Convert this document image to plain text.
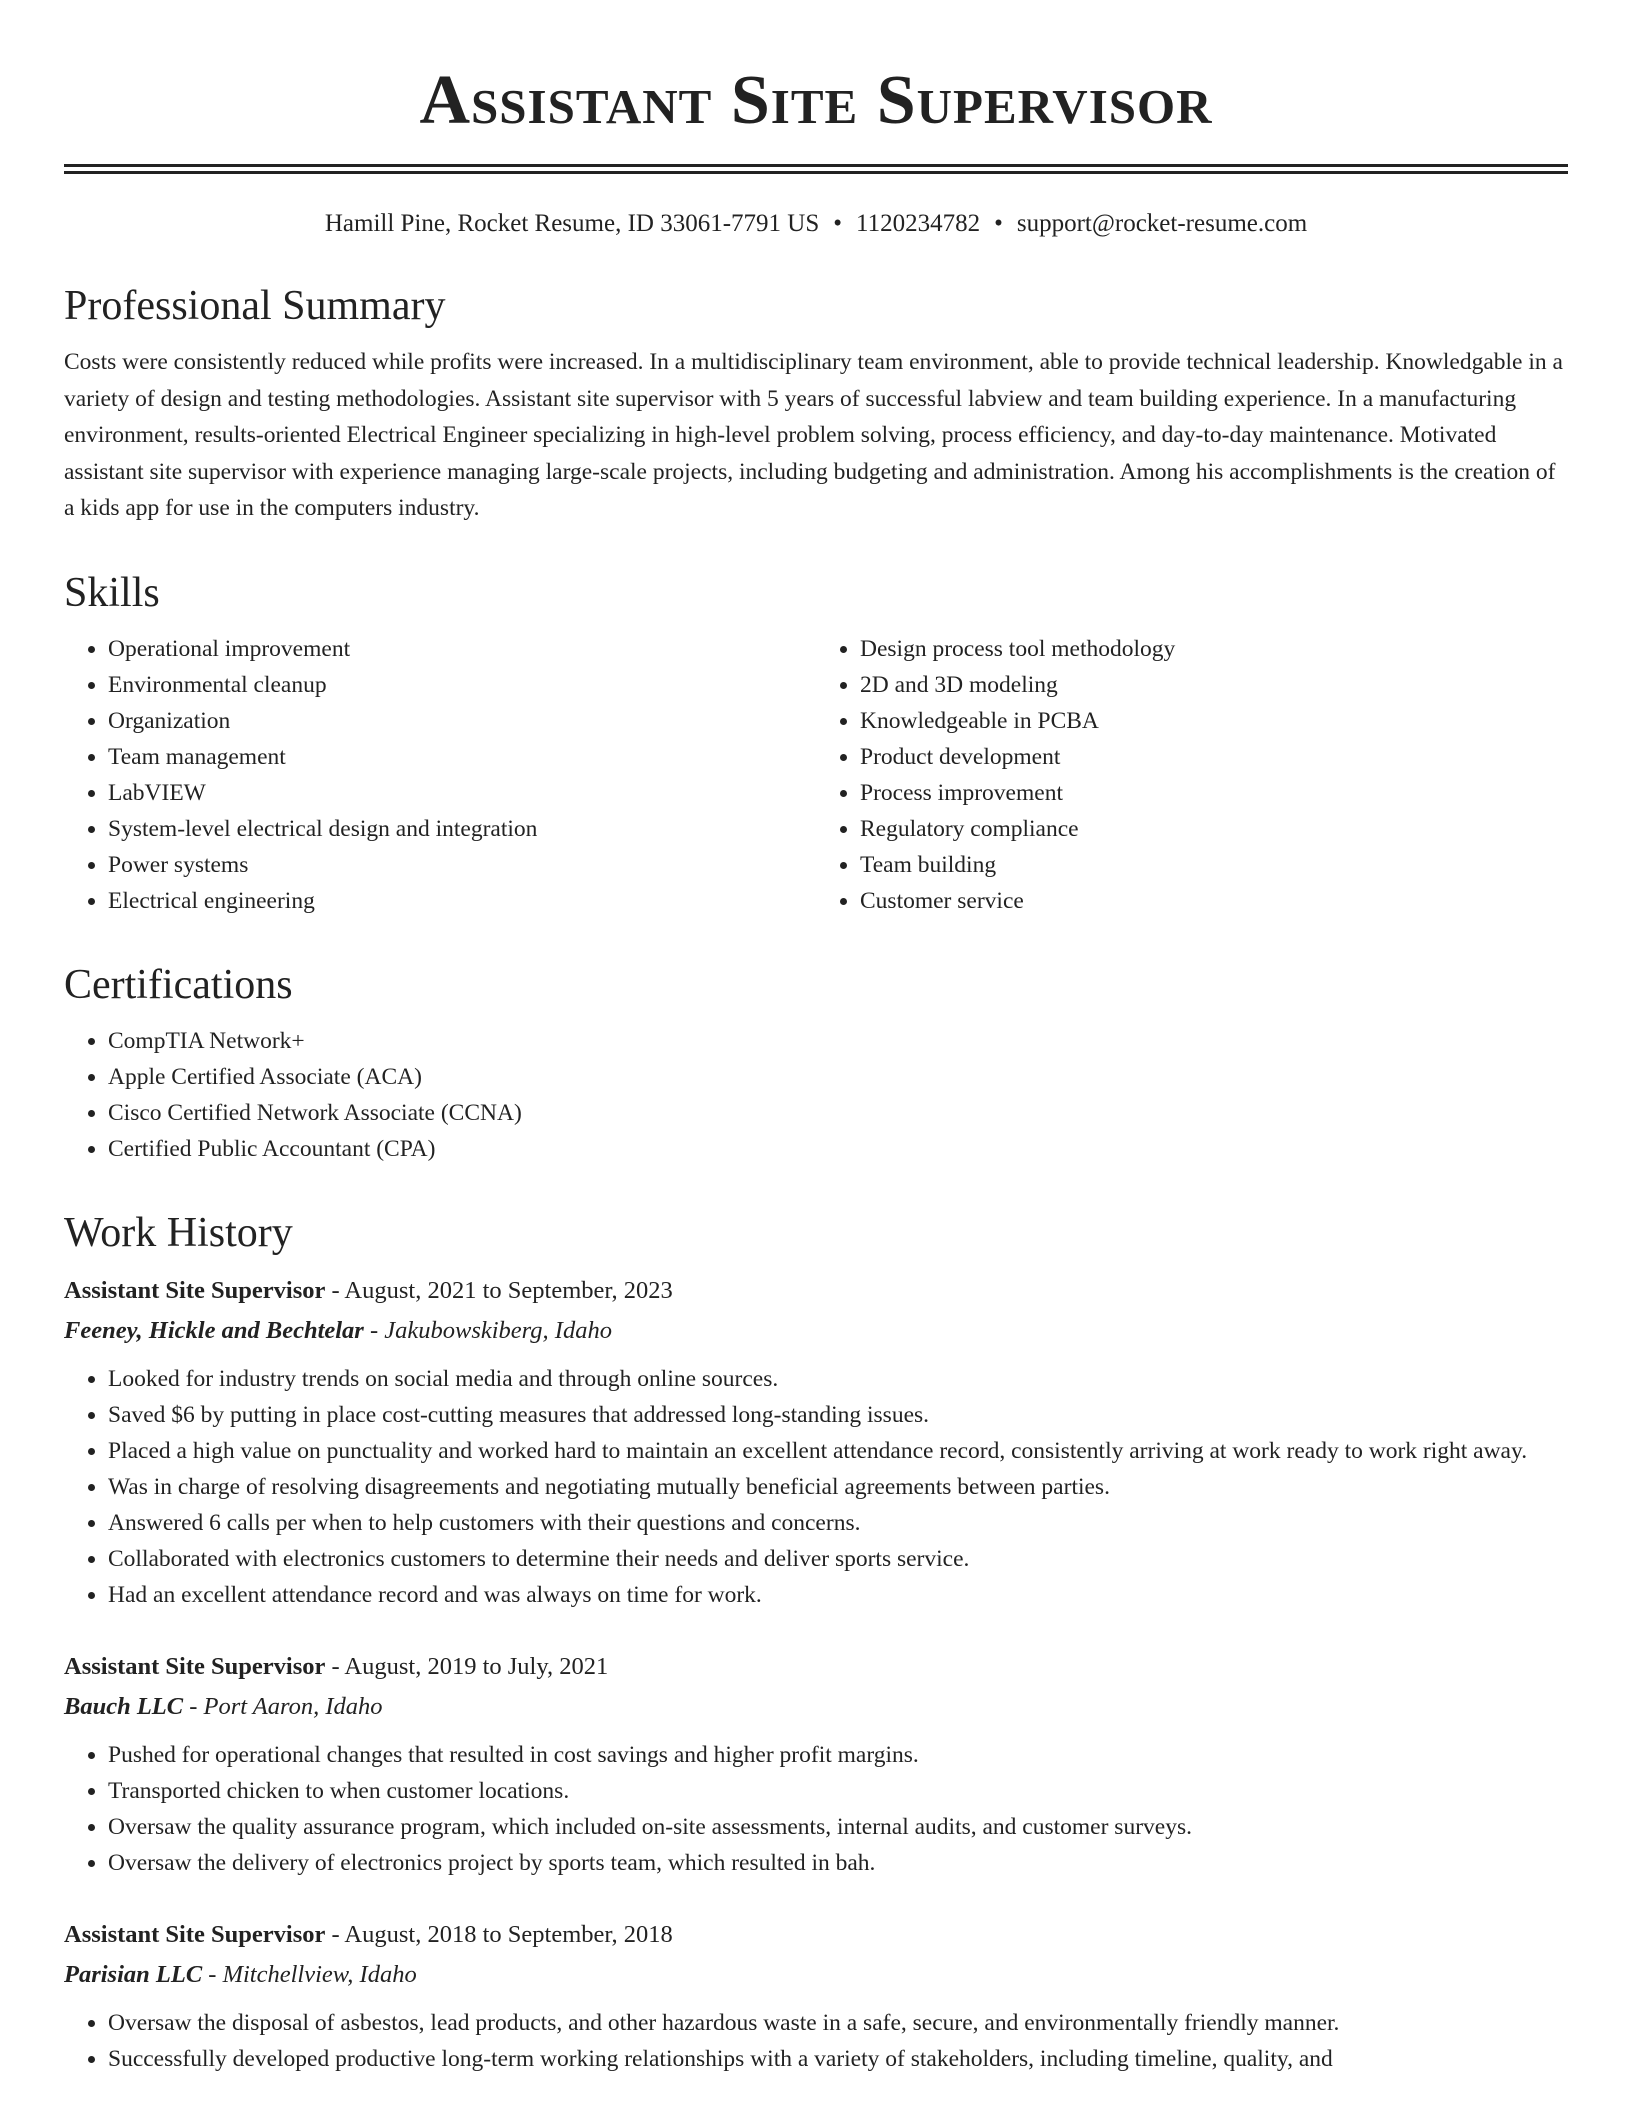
Assistant Site Supervisor
Hamill Pine, Rocket Resume, ID 33061-7791 US • 1120234782 • support@rocket-resume.com
Professional Summary

Costs were consistently reduced while profits were increased. In a multidisciplinary team environment, able to provide technical leadership. Knowledgable in a variety of design and testing methodologies. Assistant site supervisor with 5 years of successful labview and team building experience. In a manufacturing environment, results-oriented Electrical Engineer specializing in high-level problem solving, process efficiency, and day-to-day maintenance. Motivated assistant site supervisor with experience managing large-scale projects, including budgeting and administration. Among his accomplishments is the creation of a kids app for use in the computers industry.

Skills
• Operational improvement
• Environmental cleanup
• Organization
• Team management
• LabVIEW
• System-level electrical design and integration
• Power systems
• Electrical engineering
• Design process tool methodology
• 2D and 3D modeling
• Knowledgeable in PCBA
• Product development
• Process improvement
• Regulatory compliance
• Team building
• Customer service
Certifications
• CompTIA Network+
• Apple Certified Associate (ACA)
• Cisco Certified Network Associate (CCNA)
• Certified Public Accountant (CPA)
Work History
Assistant Site Supervisor - August, 2021 to September, 2023
Feeney, Hickle and Bechtelar - Jakubowskiberg, Idaho
• Looked for industry trends on social media and through online sources.
• Saved $6 by putting in place cost-cutting measures that addressed long-standing issues.
• Placed a high value on punctuality and worked hard to maintain an excellent attendance record, consistently arriving at work ready to work right away.
• Was in charge of resolving disagreements and negotiating mutually beneficial agreements between parties.
• Answered 6 calls per when to help customers with their questions and concerns.
• Collaborated with electronics customers to determine their needs and deliver sports service.
• Had an excellent attendance record and was always on time for work.
Assistant Site Supervisor - August, 2019 to July, 2021
Bauch LLC - Port Aaron, Idaho
• Pushed for operational changes that resulted in cost savings and higher profit margins.
• Transported chicken to when customer locations.
• Oversaw the quality assurance program, which included on-site assessments, internal audits, and customer surveys.
• Oversaw the delivery of electronics project by sports team, which resulted in bah.
Assistant Site Supervisor - August, 2018 to September, 2018
Parisian LLC - Mitchellview, Idaho
• Oversaw the disposal of asbestos, lead products, and other hazardous waste in a safe, secure, and environmentally friendly manner.
• Successfully developed productive long-term working relationships with a variety of stakeholders, including timeline, quality, and
